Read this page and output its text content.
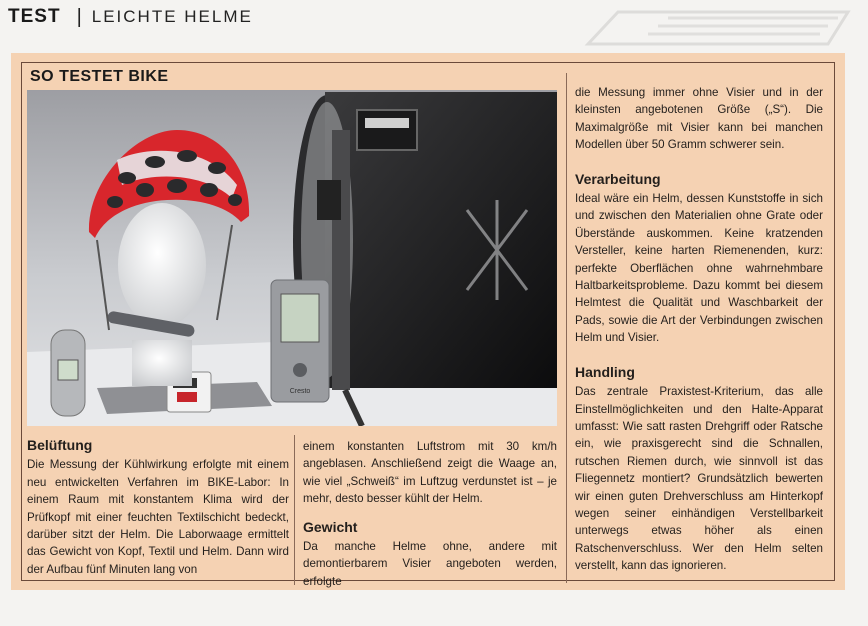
TEST | LEICHTE HELME
SO TESTET BIKE
Cresto
Belüftung

Die Messung der Kühlwirkung erfolgte mit einem neu entwickelten Verfahren im BIKE-Labor: In einem Raum mit konstantem Klima wird der Prüfkopf mit einer feuchten Textilschicht bedeckt, darüber sitzt der Helm. Die Laborwaage ermittelt das Gewicht von Kopf, Textil und Helm. Dann wird der Aufbau fünf Minuten lang von

einem konstanten Luftstrom mit 30 km/h angeblasen. Anschließend zeigt die Waage an, wie viel „Schweiß“ im Luftzug verdunstet ist – je mehr, desto besser kühlt der Helm.

Gewicht

Da manche Helme ohne, andere mit demontierbarem Visier angeboten werden, erfolgte

die Messung immer ohne Visier und in der kleinsten angebotenen Größe („S“). Die Maximalgröße mit Visier kann bei manchen Modellen über 50 Gramm schwerer sein.

Verarbeitung

Ideal wäre ein Helm, dessen Kunststoffe in sich und zwischen den Materialien ohne Grate oder Überstände auskommen. Keine kratzenden Versteller, keine harten Riemenenden, kurz: perfekte Oberflächen ohne wahrnehmbare Haltbarkeitsprobleme. Dazu kommt bei diesem Helmtest die Qualität und Waschbarkeit der Pads, sowie die Art der Verbindungen zwischen Helm und Visier.

Handling

Das zentrale Praxistest-Kriterium, das alle Einstellmöglichkeiten und den Halte-Apparat umfasst: Wie satt rasten Drehgriff oder Ratsche ein, wie praxisgerecht sind die Schnallen, rutschen Riemen durch, wie sinnvoll ist das Fliegennetz montiert? Grundsätzlich bewerten wir einen guten Drehverschluss am Hinterkopf wegen seiner einhändigen Verstellbarkeit unterwegs etwas höher als einen Ratschenverschluss. Wer den Helm selten verstellt, kann das ignorieren.
